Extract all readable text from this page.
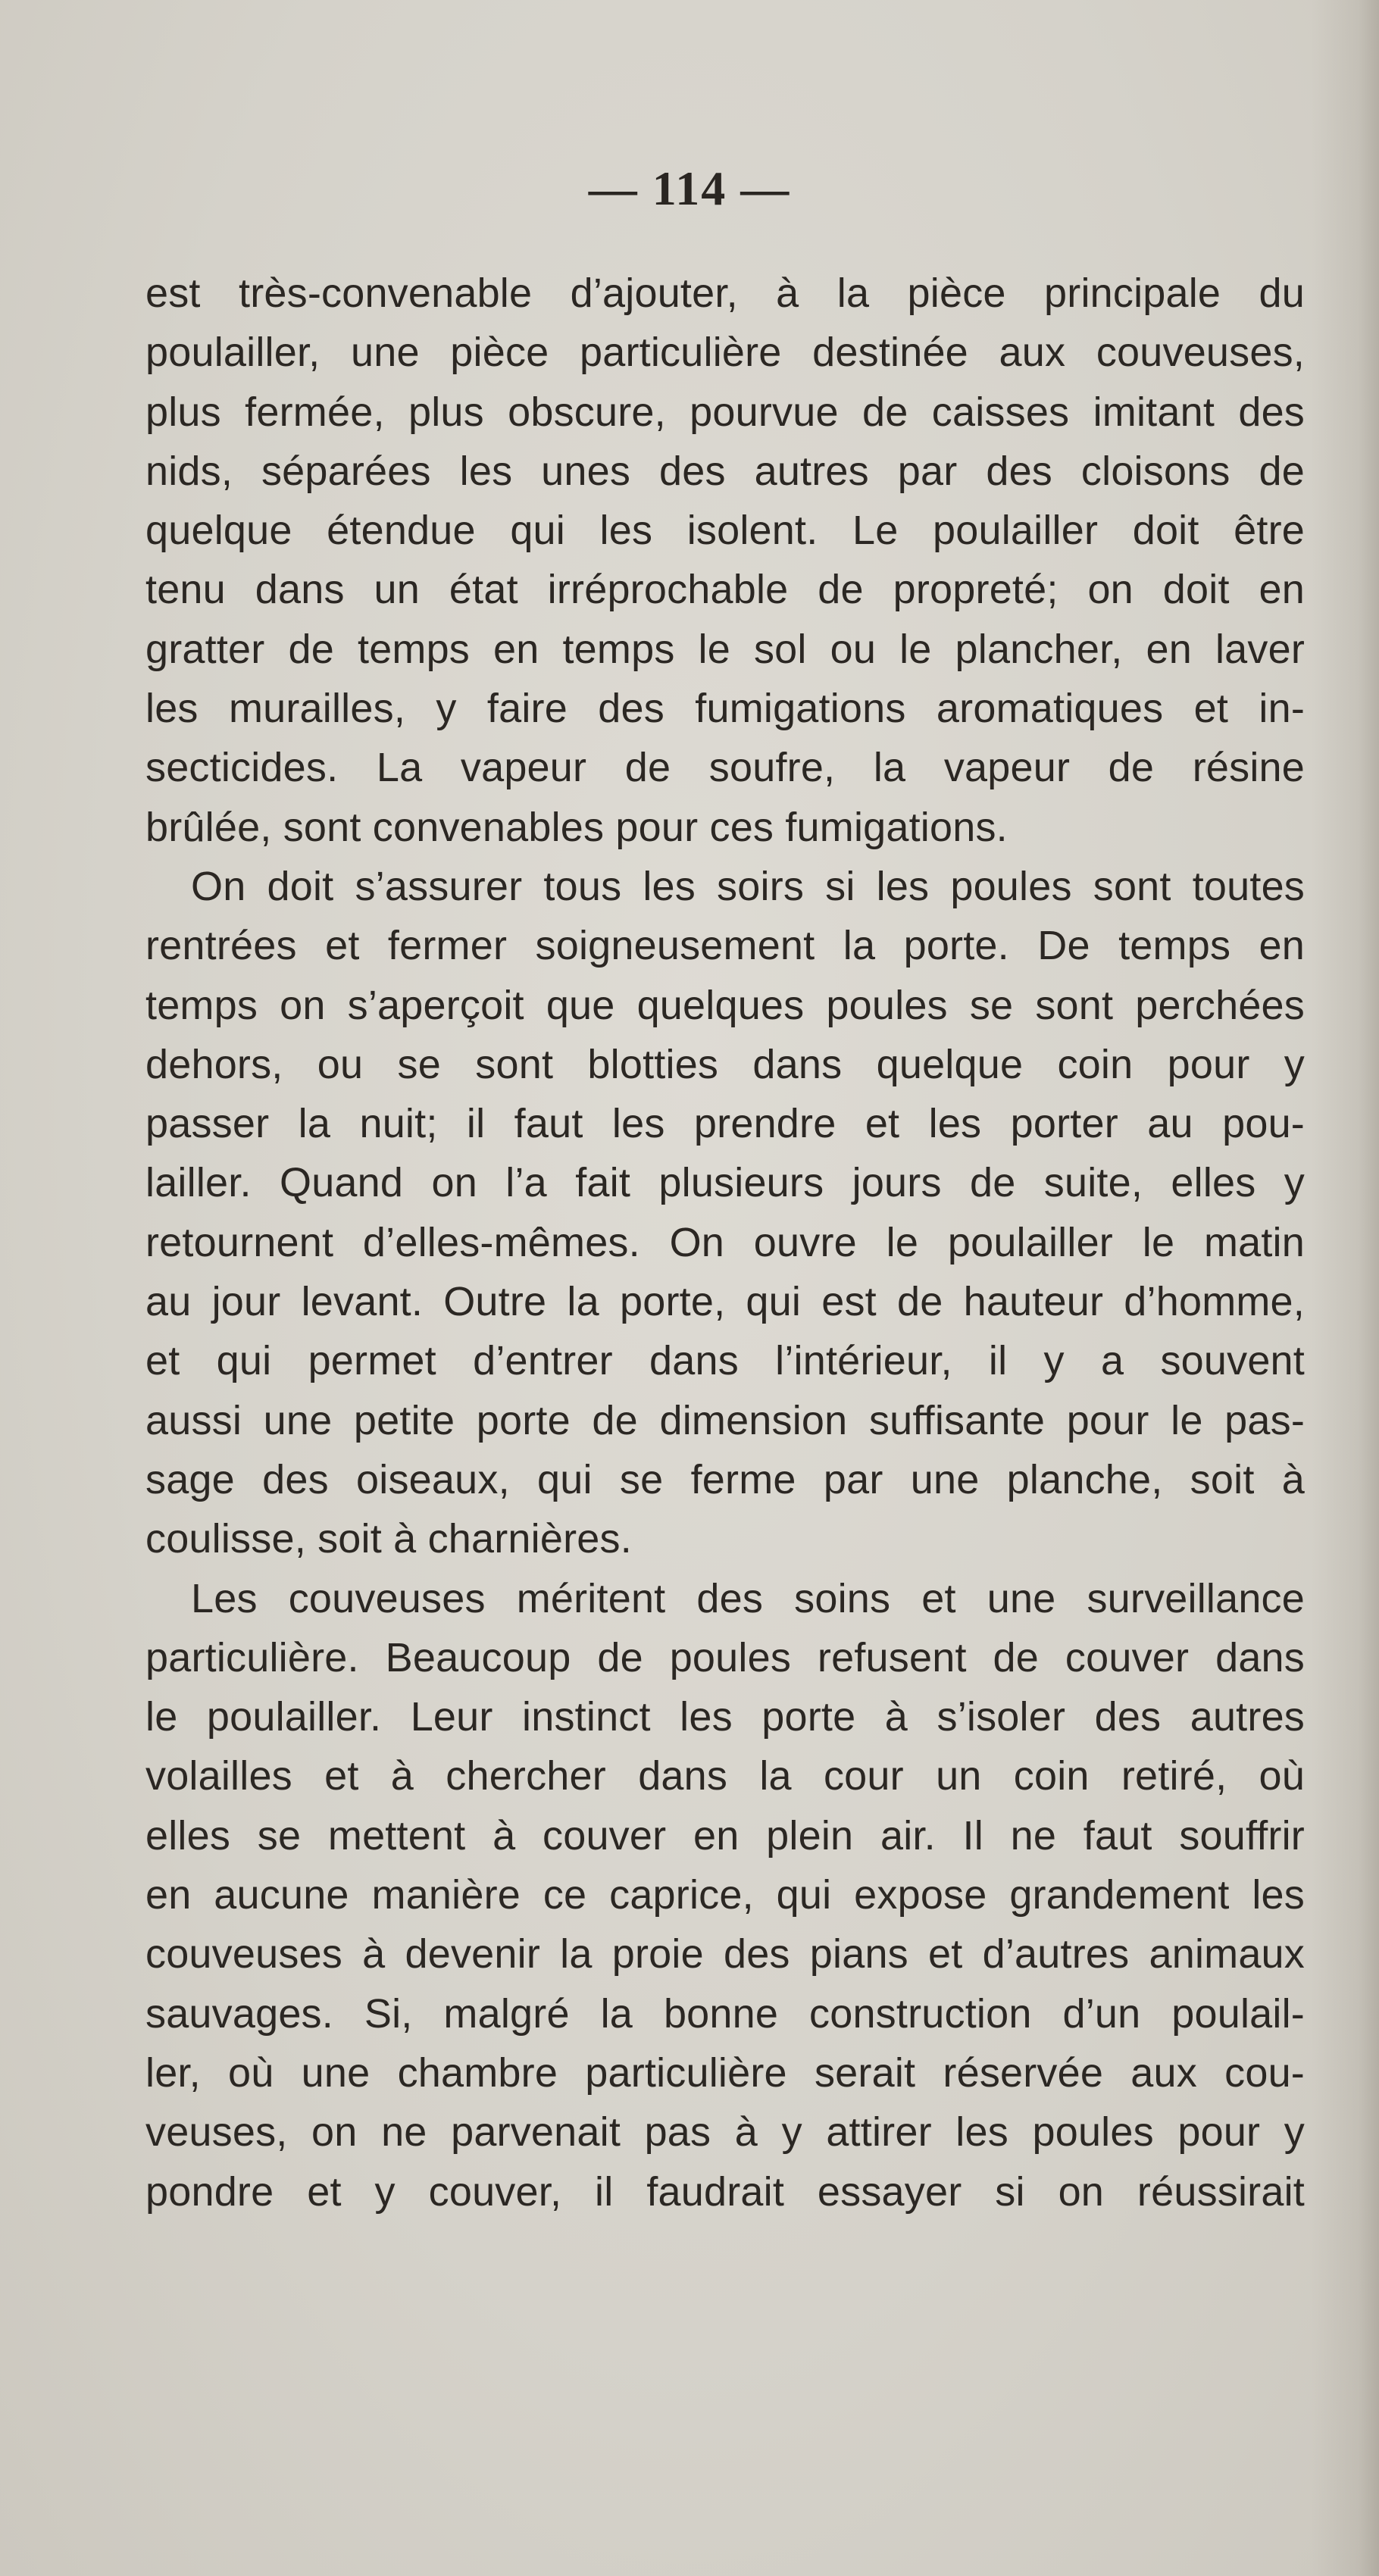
— 114 —
est très-convenable d’ajouter, à la pièce principale du
poulailler, une pièce particulière destinée aux couveuses,
plus fermée, plus obscure, pourvue de caisses imitant des
nids, séparées les unes des autres par des cloisons de
quelque étendue qui les isolent. Le poulailler doit être
tenu dans un état irréprochable de propreté; on doit en
gratter de temps en temps le sol ou le plancher, en laver
les murailles, y faire des fumigations aromatiques et in-
secticides. La vapeur de soufre, la vapeur de résine
brûlée, sont convenables pour ces fumigations.
On doit s’assurer tous les soirs si les poules sont toutes
rentrées et fermer soigneusement la porte. De temps en
temps on s’aperçoit que quelques poules se sont perchées
dehors, ou se sont blotties dans quelque coin pour y
passer la nuit; il faut les prendre et les porter au pou-
lailler. Quand on l’a fait plusieurs jours de suite, elles y
retournent d’elles-mêmes. On ouvre le poulailler le matin
au jour levant. Outre la porte, qui est de hauteur d’homme,
et qui permet d’entrer dans l’intérieur, il y a souvent
aussi une petite porte de dimension suffisante pour le pas-
sage des oiseaux, qui se ferme par une planche, soit à
coulisse, soit à charnières.
Les couveuses méritent des soins et une surveillance
particulière. Beaucoup de poules refusent de couver dans
le poulailler. Leur instinct les porte à s’isoler des autres
volailles et à chercher dans la cour un coin retiré, où
elles se mettent à couver en plein air. Il ne faut souffrir
en aucune manière ce caprice, qui expose grandement les
couveuses à devenir la proie des pians et d’autres animaux
sauvages. Si, malgré la bonne construction d’un poulail-
ler, où une chambre particulière serait réservée aux cou-
veuses, on ne parvenait pas à y attirer les poules pour y
pondre et y couver, il faudrait essayer si on réussirait
